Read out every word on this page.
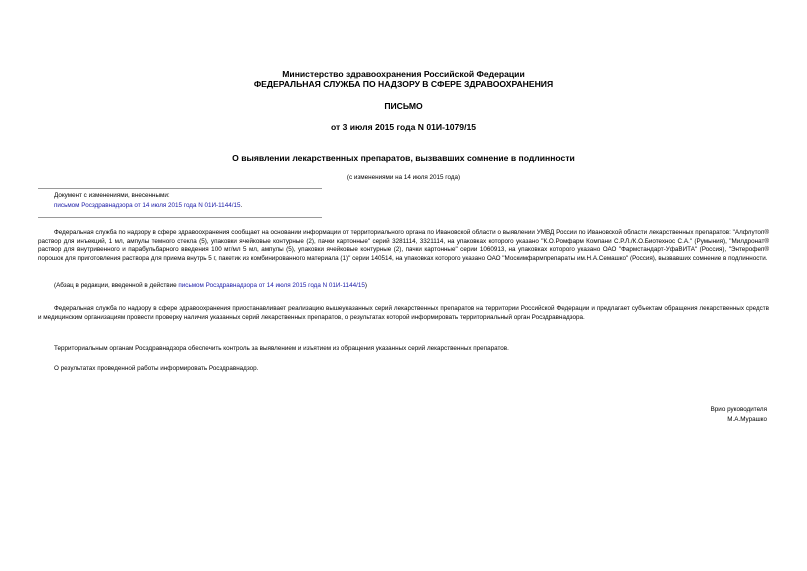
Министерство здравоохранения Российской Федерации
ФЕДЕРАЛЬНАЯ СЛУЖБА ПО НАДЗОРУ В СФЕРЕ ЗДРАВООХРАНЕНИЯ
ПИСЬМО
от 3 июля 2015 года N 01И-1079/15
О выявлении лекарственных препаратов, вызвавших сомнение в подлинности
(с изменениями на 14 июля 2015 года)
Документ с изменениями, внесенными:
письмом Росздравнадзора от 14 июля 2015 года N 01И-1144/15.

Федеральная служба по надзору в сфере здравоохранения сообщает на основании информации от территориального органа по Ивановской области о выявлении УМВД России по Ивановской области лекарственных препаратов: "Алфлутоп® раствор для инъекций, 1 мл, ампулы темного стекла (5), упаковки ячейковые контурные (2), пачки картонные" серий 3281114, 3321114, на упаковках которого указано "К.О.Ромфарм Компани С.Р.Л./К.О.Биотехнос С.А." (Румыния), "Милдронат® раствор для внутривенного и парабульбарного введения 100 мг/мл 5 мл, ампулы (5), упаковки ячейковые контурные (2), пачки картонные" серии 1060913, на упаковках которого указано ОАО "Фармстандарт-УфаВИТА" (Россия), "Энтерофеп® порошок для приготовления раствора для приема внутрь 5 г, пакетик из комбинированного материала (1)" серии 140514, на упаковках которого указано ОАО "Москимфармпрепараты им.Н.А.Семашко" (Россия), вызвавших сомнение в подлинности.

(Абзац в редакции, введенной в действие письмом Росздравнадзора от 14 июля 2015 года N 01И-1144/15)

Федеральная служба по надзору в сфере здравоохранения приостанавливает реализацию вышеуказанных серий лекарственных препаратов на территории Российской Федерации и предлагает субъектам обращения лекарственных средств и медицинским организациям провести проверку наличия указанных серий лекарственных препаратов, о результатах которой информировать территориальный орган Росздравнадзора.

Территориальным органам Росздравнадзора обеспечить контроль за выявлением и изъятием из обращения указанных серий лекарственных препаратов.

О результатах проведенной работы информировать Росздравнадзор.

Врио руководителя
М.А.Мурашко
